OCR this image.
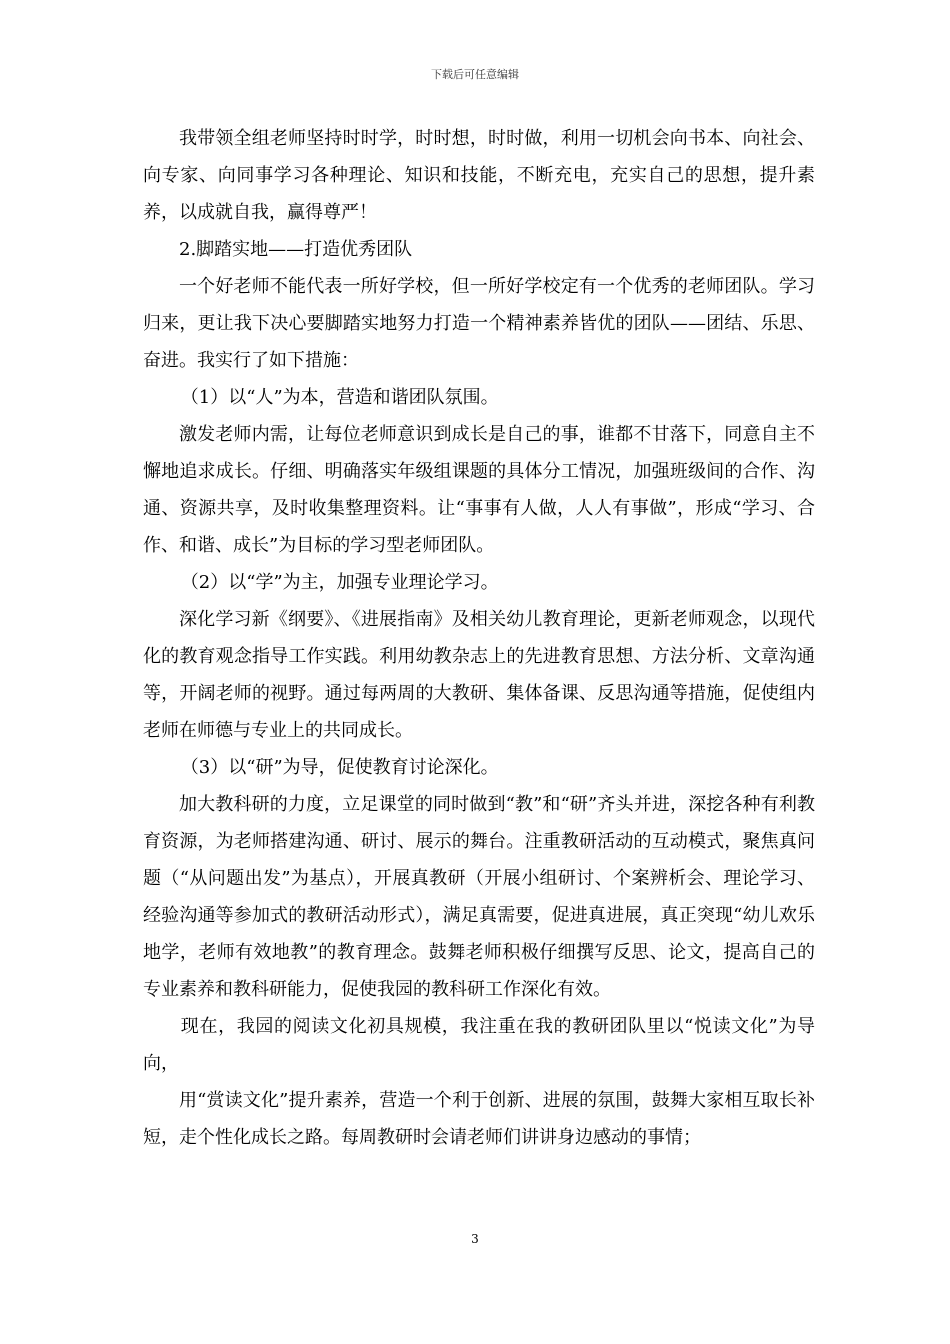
下载后可任意编辑

我带领全组老师坚持时时学，时时想，时时做，利用一切机会向书本、向社会、向专家、向同事学习各种理论、知识和技能，不断充电，充实自己的思想，提升素养，以成就自我，赢得尊严！

2.脚踏实地——打造优秀团队

一个好老师不能代表一所好学校，但一所好学校定有一个优秀的老师团队。学习归来，更让我下决心要脚踏实地努力打造一个精神素养皆优的团队——团结、乐思、奋进。我实行了如下措施：

（1）以“人”为本，营造和谐团队氛围。

激发老师内需，让每位老师意识到成长是自己的事，谁都不甘落下，同意自主不懈地追求成长。仔细、明确落实年级组课题的具体分工情况，加强班级间的合作、沟通、资源共享，及时收集整理资料。让“事事有人做，人人有事做”，形成“学习、合作、和谐、成长”为目标的学习型老师团队。

（2）以“学”为主，加强专业理论学习。

深化学习新《纲要》、《进展指南》及相关幼儿教育理论，更新老师观念，以现代化的教育观念指导工作实践。利用幼教杂志上的先进教育思想、方法分析、文章沟通等，开阔老师的视野。通过每两周的大教研、集体备课、反思沟通等措施，促使组内老师在师德与专业上的共同成长。

（3）以“研”为导，促使教育讨论深化。

加大教科研的力度，立足课堂的同时做到“教”和“研”齐头并进，深挖各种有利教育资源，为老师搭建沟通、研讨、展示的舞台。注重教研活动的互动模式，聚焦真问题（“从问题出发”为基点），开展真教研（开展小组研讨、个案辨析会、理论学习、经验沟通等参加式的教研活动形式），满足真需要，促进真进展，真正突现“幼儿欢乐地学，老师有效地教”的教育理念。鼓舞老师积极仔细撰写反思、论文，提高自己的专业素养和教科研能力，促使我园的教科研工作深化有效。

现在，我园的阅读文化初具规模，我注重在我的教研团队里以“悦读文化”为导向，

用“赏读文化”提升素养，营造一个利于创新、进展的氛围，鼓舞大家相互取长补短，走个性化成长之路。每周教研时会请老师们讲讲身边感动的事情；

3
